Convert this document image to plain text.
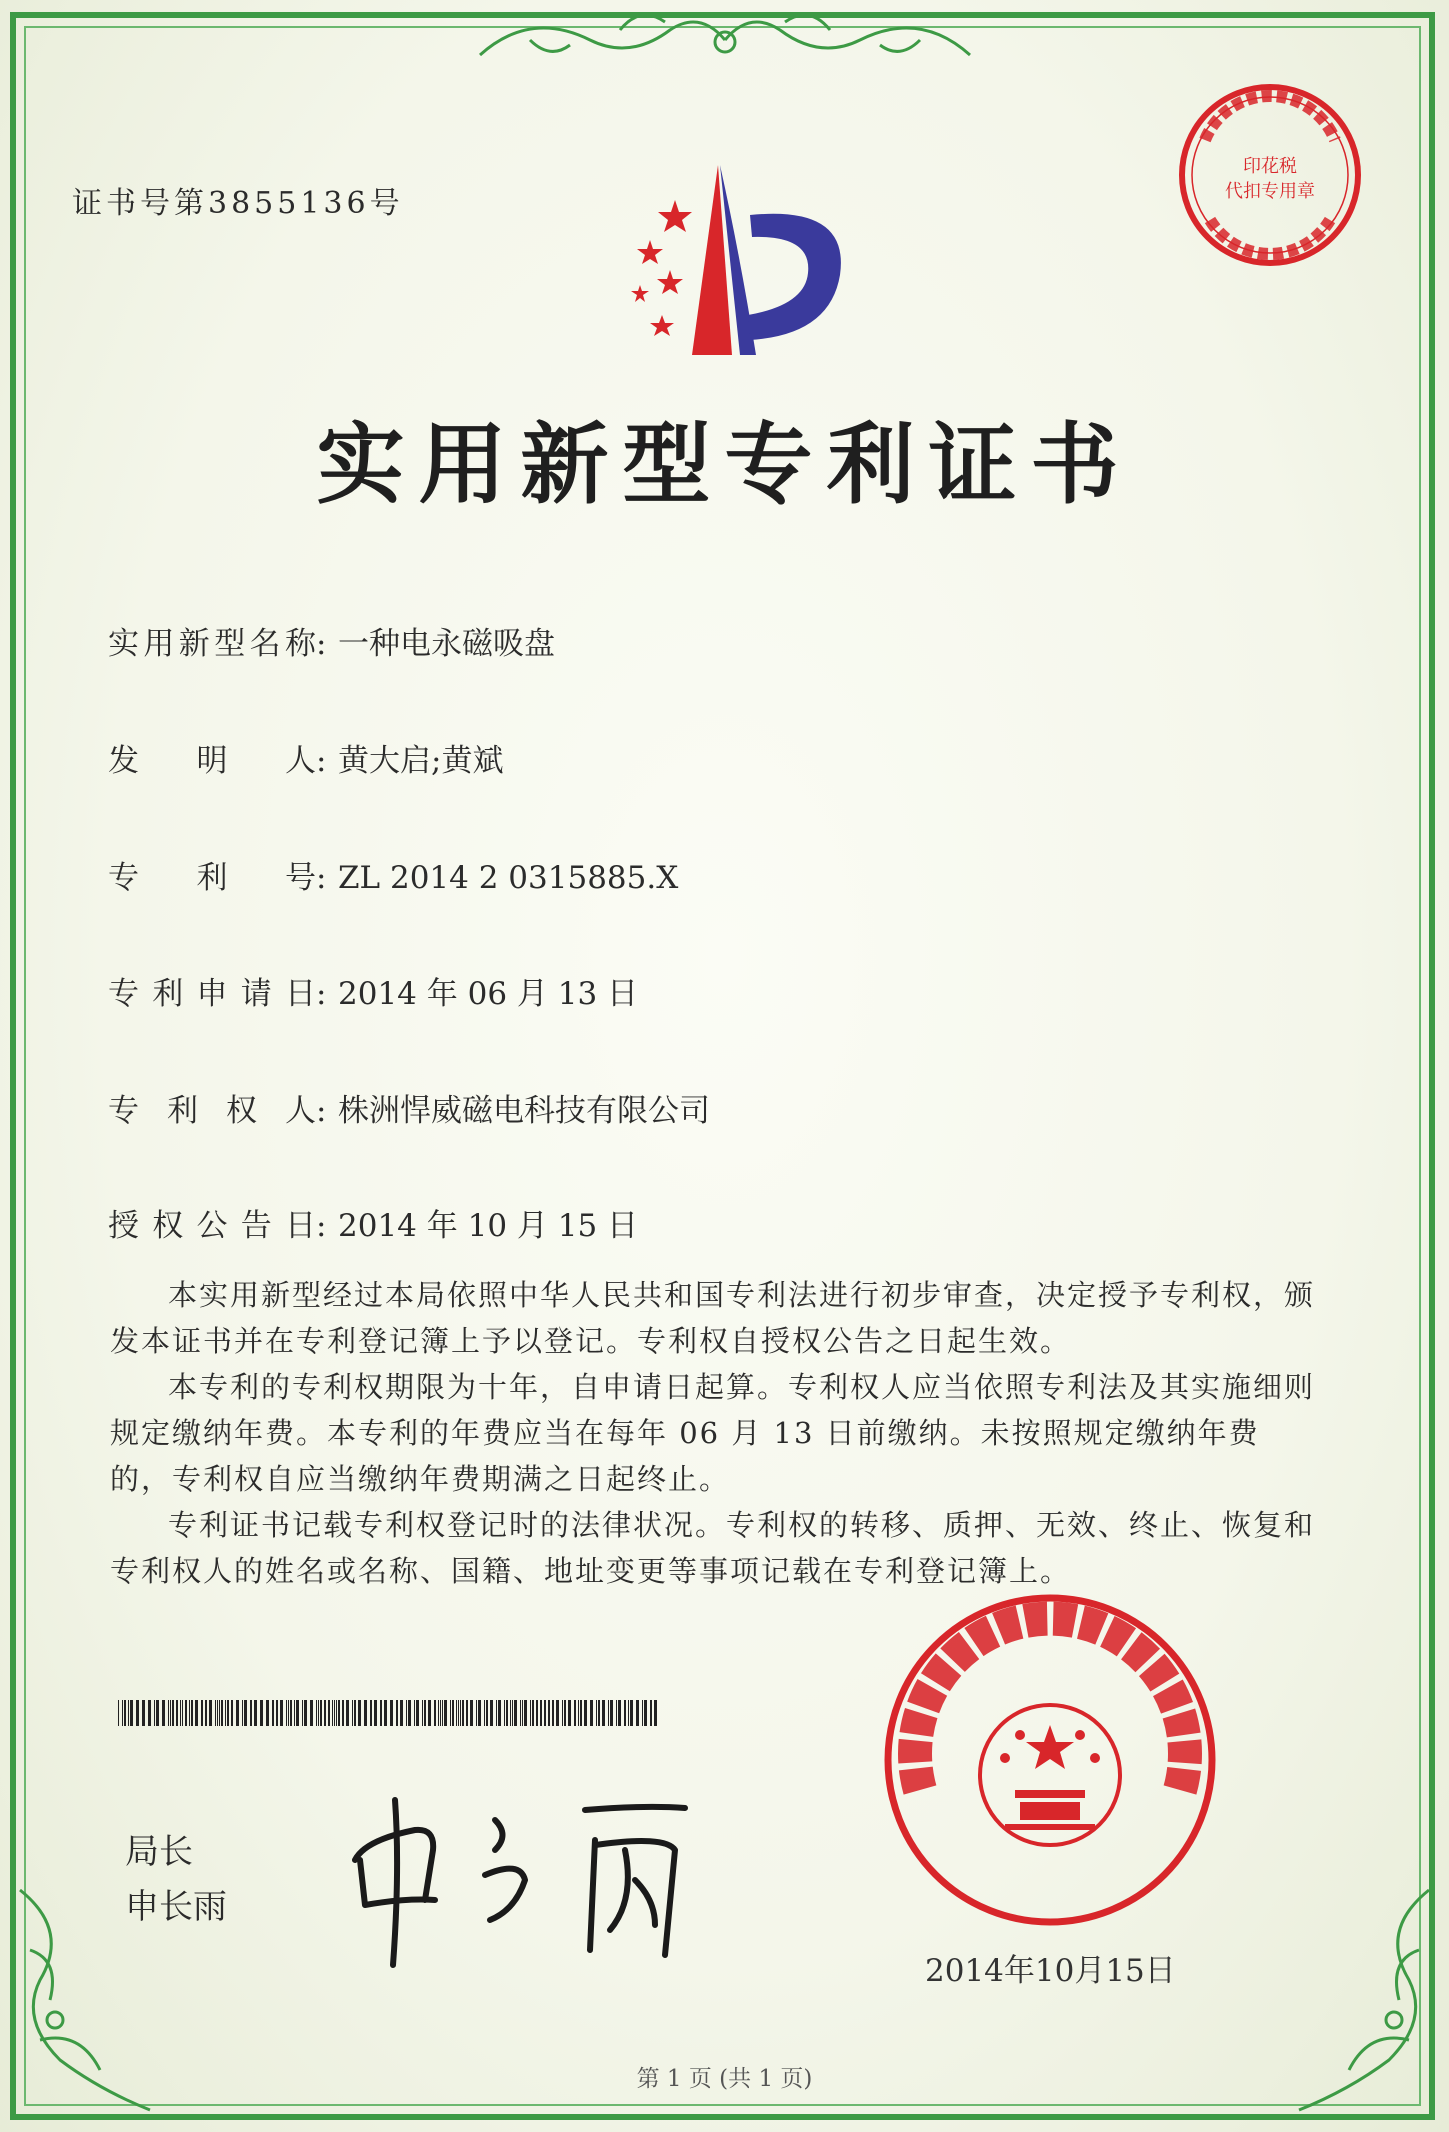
证书号第3855136号
印花税
代扣专用章
实用新型专利证书
实用新型名称: 一种电永磁吸盘
发明人: 黄大启;黄斌
专利号: ZL 2014 2 0315885.X
专利申请日: 2014 年 06 月 13 日
专利权人: 株洲悍威磁电科技有限公司
授权公告日: 2014 年 10 月 15 日

本实用新型经过本局依照中华人民共和国专利法进行初步审查，决定授予专利权，颁发本证书并在专利登记簿上予以登记。专利权自授权公告之日起生效。

本专利的专利权期限为十年，自申请日起算。专利权人应当依照专利法及其实施细则规定缴纳年费。本专利的年费应当在每年 06 月 13 日前缴纳。未按照规定缴纳年费的，专利权自应当缴纳年费期满之日起终止。

专利证书记载专利权登记时的法律状况。专利权的转移、质押、无效、终止、恢复和专利权人的姓名或名称、国籍、地址变更等事项记载在专利登记簿上。

局长
申长雨
2014年10月15日
第 1 页 (共 1 页)
